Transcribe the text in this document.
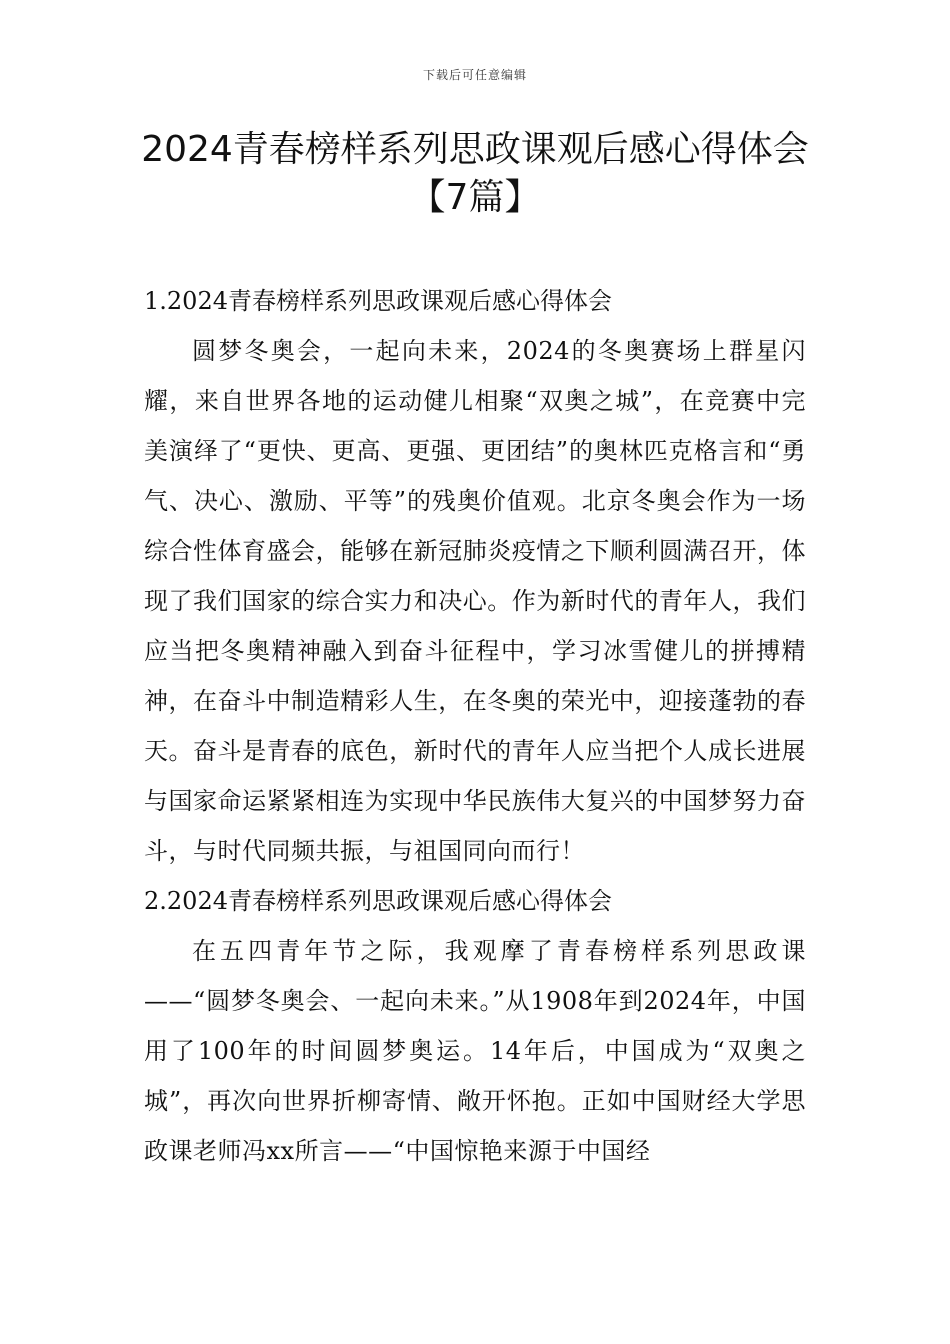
下载后可任意编辑
2024青春榜样系列思政课观后感心得体会
【7篇】
1.2024青春榜样系列思政课观后感心得体会

圆梦冬奥会，一起向未来，2024的冬奥赛场上群星闪耀，来自世界各地的运动健儿相聚“双奥之城”，在竞赛中完美演绎了“更快、更高、更强、更团结”的奥林匹克格言和“勇气、决心、激励、平等”的残奥价值观。北京冬奥会作为一场综合性体育盛会，能够在新冠肺炎疫情之下顺利圆满召开，体现了我们国家的综合实力和决心。作为新时代的青年人，我们应当把冬奥精神融入到奋斗征程中，学习冰雪健儿的拼搏精神，在奋斗中制造精彩人生，在冬奥的荣光中，迎接蓬勃的春天。奋斗是青春的底色，新时代的青年人应当把个人成长进展与国家命运紧紧相连为实现中华民族伟大复兴的中国梦努力奋斗，与时代同频共振，与祖国同向而行！

2.2024青春榜样系列思政课观后感心得体会

在五四青年节之际，我观摩了青春榜样系列思政课——“圆梦冬奥会、一起向未来。”从1908年到2024年，中国用了100年的时间圆梦奥运。14年后，中国成为“双奥之城”，再次向世界折柳寄情、敞开怀抱。正如中国财经大学思政课老师冯xx所言——“中国惊艳来源于中国经
